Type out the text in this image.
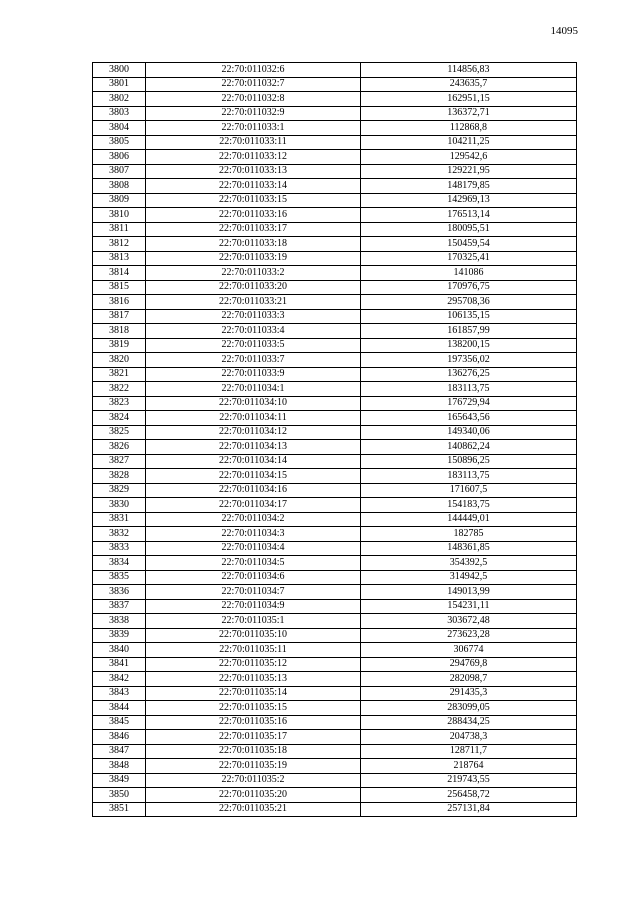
14095
3800	22:70:011032:6	114856,83
3801	22:70:011032:7	243635,7
3802	22:70:011032:8	162951,15
3803	22:70:011032:9	136372,71
3804	22:70:011033:1	112868,8
3805	22:70:011033:11	104211,25
3806	22:70:011033:12	129542,6
3807	22:70:011033:13	129221,95
3808	22:70:011033:14	148179,85
3809	22:70:011033:15	142969,13
3810	22:70:011033:16	176513,14
3811	22:70:011033:17	180095,51
3812	22:70:011033:18	150459,54
3813	22:70:011033:19	170325,41
3814	22:70:011033:2	141086
3815	22:70:011033:20	170976,75
3816	22:70:011033:21	295708,36
3817	22:70:011033:3	106135,15
3818	22:70:011033:4	161857,99
3819	22:70:011033:5	138200,15
3820	22:70:011033:7	197356,02
3821	22:70:011033:9	136276,25
3822	22:70:011034:1	183113,75
3823	22:70:011034:10	176729,94
3824	22:70:011034:11	165643,56
3825	22:70:011034:12	149340,06
3826	22:70:011034:13	140862,24
3827	22:70:011034:14	150896,25
3828	22:70:011034:15	183113,75
3829	22:70:011034:16	171607,5
3830	22:70:011034:17	154183,75
3831	22:70:011034:2	144449,01
3832	22:70:011034:3	182785
3833	22:70:011034:4	148361,85
3834	22:70:011034:5	354392,5
3835	22:70:011034:6	314942,5
3836	22:70:011034:7	149013,99
3837	22:70:011034:9	154231,11
3838	22:70:011035:1	303672,48
3839	22:70:011035:10	273623,28
3840	22:70:011035:11	306774
3841	22:70:011035:12	294769,8
3842	22:70:011035:13	282098,7
3843	22:70:011035:14	291435,3
3844	22:70:011035:15	283099,05
3845	22:70:011035:16	288434,25
3846	22:70:011035:17	204738,3
3847	22:70:011035:18	128711,7
3848	22:70:011035:19	218764
3849	22:70:011035:2	219743,55
3850	22:70:011035:20	256458,72
3851	22:70:011035:21	257131,84
